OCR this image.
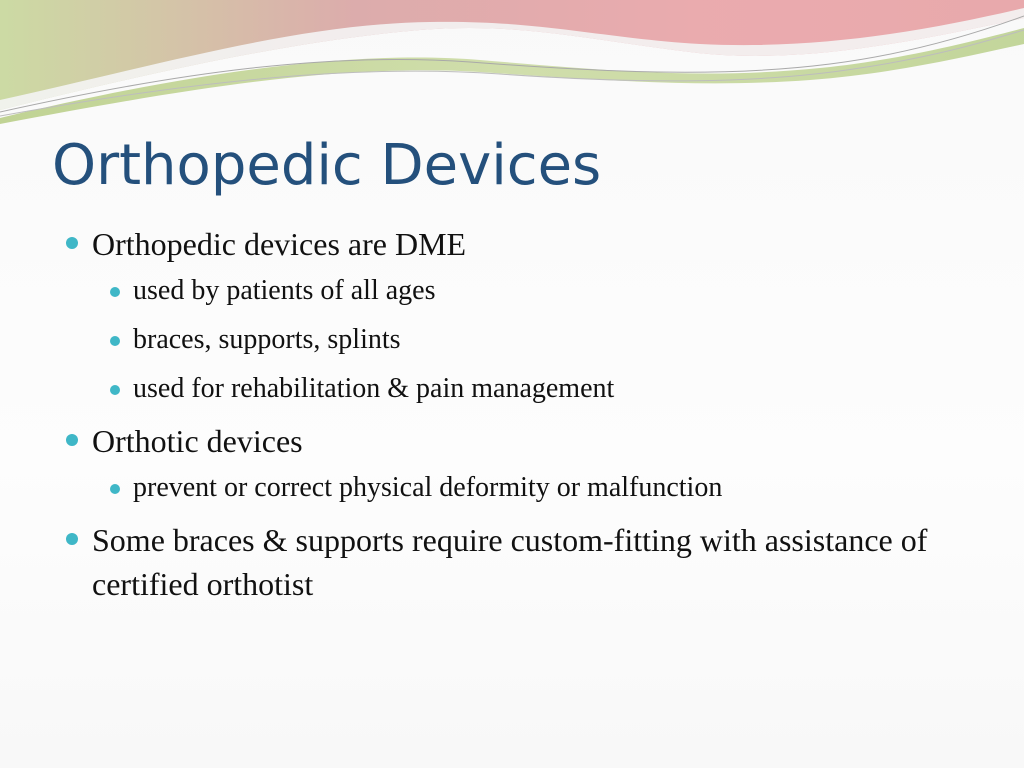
Orthopedic Devices
Orthopedic devices are DME
used by patients of all ages
braces, supports, splints
used for rehabilitation & pain management
Orthotic devices
prevent or correct physical deformity or malfunction
Some braces & supports require custom-fitting with assistance of certified orthotist
